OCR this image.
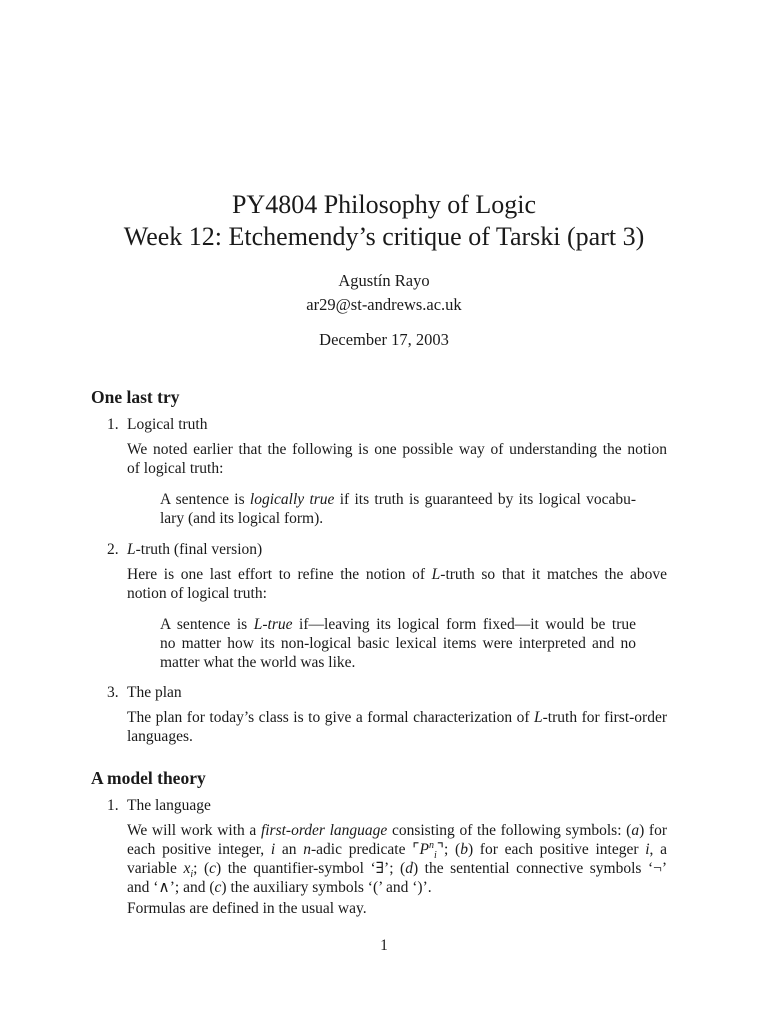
PY4804 Philosophy of Logic
Week 12: Etchemendy’s critique of Tarski (part 3)
Agustín Rayo
ar29@st-andrews.ac.uk
December 17, 2003
One last try
1. Logical truth
We noted earlier that the following is one possible way of understanding the notion
of logical truth:
A sentence is logically true if its truth is guaranteed by its logical vocabu-
lary (and its logical form).
2. L-truth (final version)
Here is one last effort to refine the notion of L-truth so that it matches the above
notion of logical truth:
A sentence is L-true if—leaving its logical form fixed—it would be true
no matter how its non-logical basic lexical items were interpreted and no
matter what the world was like.
3. The plan
The plan for today’s class is to give a formal characterization of L-truth for first-order
languages.
A model theory
1. The language
We will work with a first-order language consisting of the following symbols: (a) for
each positive integer, i an n-adic predicate $⌜P^n_i⌝$; (b) for each positive integer i, a
variable $x_i$; (c) the quantifier-symbol ‘∃’; (d) the sentential connective symbols ‘¬’
and ‘∧’; and (c) the auxiliary symbols ‘(’ and ‘)’.
Formulas are defined in the usual way.
1
